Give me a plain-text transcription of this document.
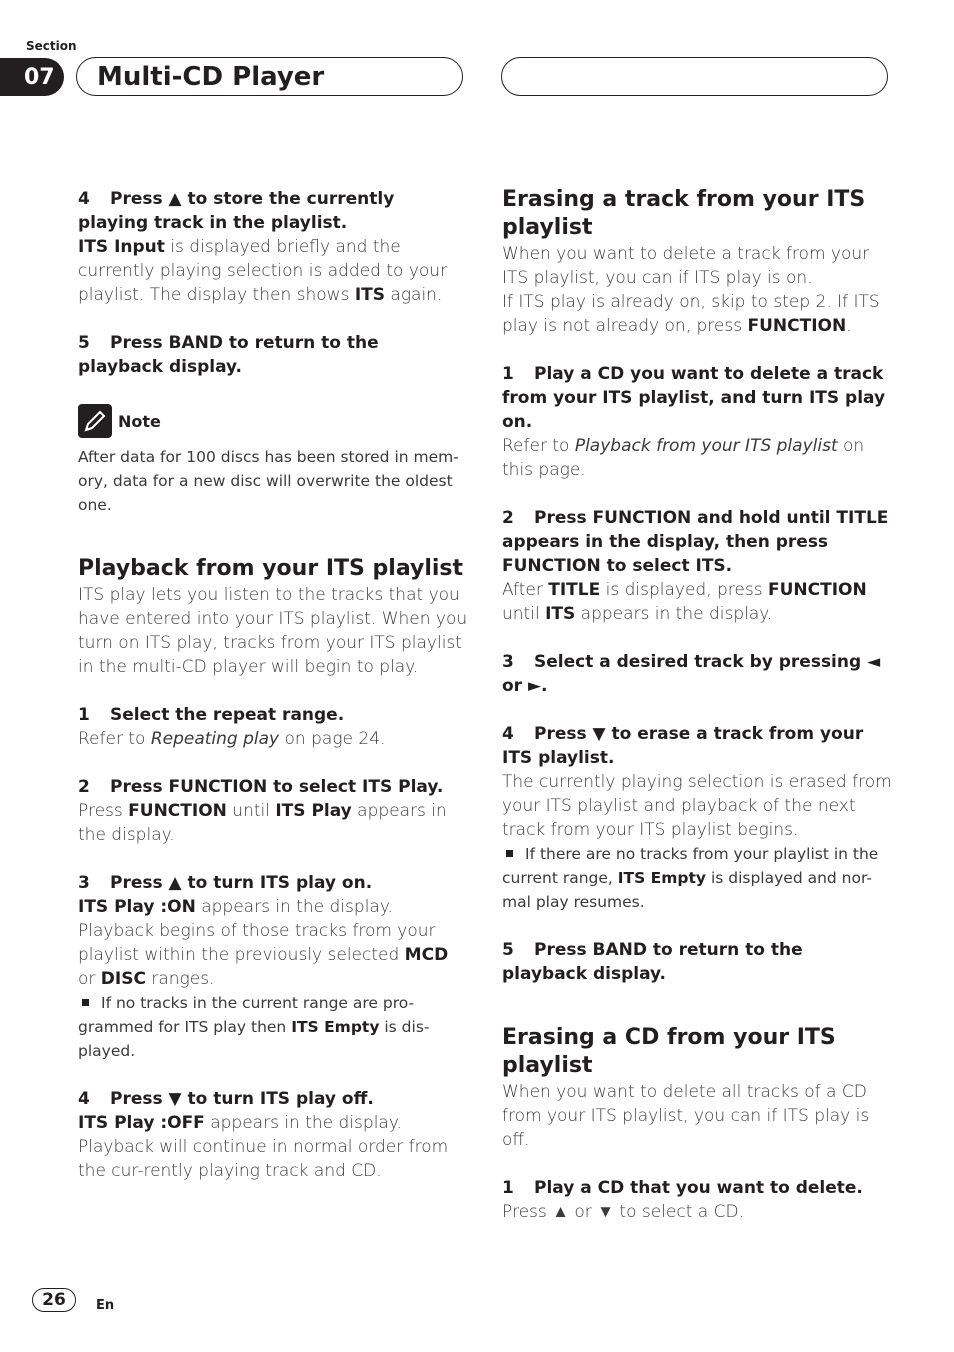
Section
07	Multi-CD Player

4 Press ▲ to store the currently playing track in the playlist.

ITS Input is displayed briefly and the currently playing selection is added to your playlist. The display then shows ITS again.

5 Press BAND to return to the playback display.

Note

After data for 100 discs has been stored in mem-ory, data for a new disc will overwrite the oldest one.

Playback from your ITS playlist

ITS play lets you listen to the tracks that you have entered into your ITS playlist. When you turn on ITS play, tracks from your ITS playlist in the multi-CD player will begin to play.

1 Select the repeat range.

Refer to Repeating play on page 24.

2 Press FUNCTION to select ITS Play.

Press FUNCTION until ITS Play appears in the display.

3 Press ▲ to turn ITS play on.

ITS Play :ON appears in the display. Playback begins of those tracks from your playlist within the previously selected MCD or DISC ranges.

If no tracks in the current range are pro-grammed for ITS play then ITS Empty is dis-played.

4 Press ▼ to turn ITS play off.

ITS Play :OFF appears in the display. Playback will continue in normal order from the cur-rently playing track and CD.

Erasing a track from your ITS playlist

When you want to delete a track from your ITS playlist, you can if ITS play is on.

If ITS play is already on, skip to step 2. If ITS play is not already on, press FUNCTION.

1 Play a CD you want to delete a track from your ITS playlist, and turn ITS play on.

Refer to Playback from your ITS playlist on this page.

2 Press FUNCTION and hold until TITLE appears in the display, then press FUNCTION to select ITS.

After TITLE is displayed, press FUNCTION until ITS appears in the display.

3 Select a desired track by pressing ◄ or ►.

4 Press ▼ to erase a track from your ITS playlist.

The currently playing selection is erased from your ITS playlist and playback of the next track from your ITS playlist begins.

If there are no tracks from your playlist in the current range, ITS Empty is displayed and nor-mal play resumes.

5 Press BAND to return to the playback display.

Erasing a CD from your ITS playlist

When you want to delete all tracks of a CD from your ITS playlist, you can if ITS play is off.

1 Play a CD that you want to delete.

Press ▲ or ▼ to select a CD.

26	En
